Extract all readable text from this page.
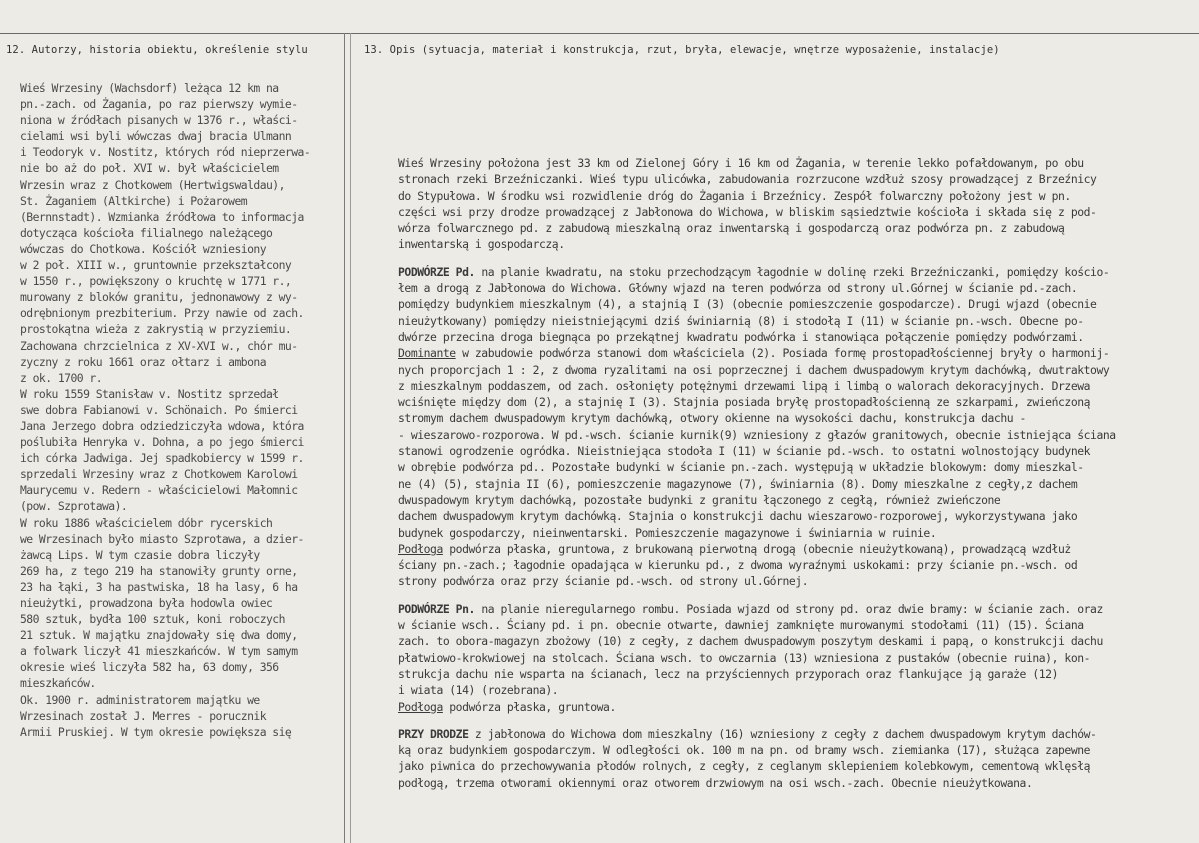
12. Autorzy, historia obiektu, określenie stylu	13. Opis (sytuacja, materiał i konstrukcja, rzut, bryła, elewacje, wnętrze wyposażenie, instalacje)
Wieś Wrzesiny (Wachsdorf) leżąca 12 km na
pn.-zach. od Żagania, po raz pierwszy wymie-
niona w źródłach pisanych w 1376 r., właści-
cielami wsi byli wówczas dwaj bracia Ulmann
i Teodoryk v. Nostitz, których ród nieprzerwa-
nie bo aż do poł. XVI w. był właścicielem
Wrzesin wraz z Chotkowem (Hertwigswaldau),
St. Żaganiem (Altkirche) i Pożarowem
(Bernnstadt). Wzmianka źródłowa to informacja
dotycząca kościoła filialnego należącego
wówczas do Chotkowa. Kościół wzniesiony
w 2 poł. XIII w., gruntownie przekształcony
w 1550 r., powiększony o kruchtę w 1771 r.,
murowany z bloków granitu, jednonawowy z wy-
odrębnionym prezbiterium. Przy nawie od zach.
prostokątna wieża z zakrystią w przyziemiu.
Zachowana chrzcielnica z XV-XVI w., chór mu-
zyczny z roku 1661 oraz ołtarz i ambona
z ok. 1700 r.
W roku 1559 Stanisław v. Nostitz sprzedał
swe dobra Fabianowi v. Schönaich. Po śmierci
Jana Jerzego dobra odziedziczyła wdowa, która
poślubiła Henryka v. Dohna, a po jego śmierci
ich córka Jadwiga. Jej spadkobiercy w 1599 r.
sprzedali Wrzesiny wraz z Chotkowem Karolowi
Maurycemu v. Redern - właścicielowi Małomnic
(pow. Szprotawa).
W roku 1886 właścicielem dóbr rycerskich
we Wrzesinach było miasto Szprotawa, a dzier-
żawcą Lips. W tym czasie dobra liczyły
269 ha, z tego 219 ha stanowiły grunty orne,
23 ha łąki, 3 ha pastwiska, 18 ha lasy, 6 ha
nieużytki, prowadzona była hodowla owiec
580 sztuk, bydła 100 sztuk, koni roboczych
21 sztuk. W majątku znajdowały się dwa domy,
a folwark liczył 41 mieszkańców. W tym samym
okresie wieś liczyła 582 ha, 63 domy, 356
mieszkańców.
Ok. 1900 r. administratorem majątku we
Wrzesinach został J. Merres - porucznik
Armii Pruskiej. W tym okresie powiększa się
Wieś Wrzesiny położona jest 33 km od Zielonej Góry i 16 km od Żagania, w terenie lekko pofałdowanym, po obu
stronach rzeki Brzeźniczanki. Wieś typu ulicówka, zabudowania rozrzucone wzdłuż szosy prowadzącej z Brzeźnicy
do Stypułowa. W środku wsi rozwidlenie dróg do Żagania i Brzeźnicy. Zespół folwarczny położony jest w pn.
części wsi przy drodze prowadzącej z Jabłonowa do Wichowa, w bliskim sąsiedztwie kościoła i składa się z pod-
wórza folwarcznego pd. z zabudową mieszkalną oraz inwentarską i gospodarczą oraz podwórza pn. z zabudową
inwentarską i gospodarczą.
PODWÓRZE Pd. na planie kwadratu, na stoku przechodzącym łagodnie w dolinę rzeki Brzeźniczanki, pomiędzy kościo-
łem a drogą z Jabłonowa do Wichowa. Główny wjazd na teren podwórza od strony ul.Górnej w ścianie pd.-zach.
pomiędzy budynkiem mieszkalnym (4), a stajnią I (3) (obecnie pomieszczenie gospodarcze). Drugi wjazd (obecnie
nieużytkowany) pomiędzy nieistniejącymi dziś świniarnią (8) i stodołą I (11) w ścianie pn.-wsch. Obecne po-
dwórze przecina droga biegnąca po przekątnej kwadratu podwórka i stanowiąca połączenie pomiędzy podwórzami.
Dominante w zabudowie podwórza stanowi dom właściciela (2). Posiada formę prostopadłościennej bryły o harmonij-
nych proporcjach 1 : 2, z dwoma ryzalitami na osi poprzecznej i dachem dwuspadowym krytym dachówką, dwutraktowy
z mieszkalnym poddaszem, od zach. osłonięty potężnymi drzewami lipą i limbą o walorach dekoracyjnych. Drzewa
wciśnięte między dom (2), a stajnię I (3). Stajnia posiada bryłę prostopadłościenną ze szkarpami, zwieńczoną
stromym dachem dwuspadowym krytym dachówką, otwory okienne na wysokości dachu, konstrukcja dachu -
- wieszarowo-rozporowa. W pd.-wsch. ścianie kurnik(9) wzniesiony z głazów granitowych, obecnie istniejąca ściana
stanowi ogrodzenie ogródka. Nieistniejąca stodoła I (11) w ścianie pd.-wsch. to ostatni wolnostojący budynek
w obrębie podwórza pd.. Pozostałe budynki w ścianie pn.-zach. występują w układzie blokowym: domy mieszkal-
ne (4) (5), stajnia II (6), pomieszczenie magazynowe (7), świniarnia (8). Domy mieszkalne z cegły,z dachem
dwuspadowym krytym dachówką, pozostałe budynki z granitu łączonego z cegłą, również zwieńczone
dachem dwuspadowym krytym dachówką. Stajnia o konstrukcji dachu wieszarowo-rozporowej, wykorzystywana jako
budynek gospodarczy, nieinwentarski. Pomieszczenie magazynowe i świniarnia w ruinie.
Podłoga podwórza płaska, gruntowa, z brukowaną pierwotną drogą (obecnie nieużytkowaną), prowadzącą wzdłuż
ściany pn.-zach.; łagodnie opadająca w kierunku pd., z dwoma wyraźnymi uskokami: przy ścianie pn.-wsch. od
strony podwórza oraz przy ścianie pd.-wsch. od strony ul.Górnej.
PODWÓRZE Pn. na planie nieregularnego rombu. Posiada wjazd od strony pd. oraz dwie bramy: w ścianie zach. oraz
w ścianie wsch.. Ściany pd. i pn. obecnie otwarte, dawniej zamknięte murowanymi stodołami (11) (15). Ściana
zach. to obora-magazyn zbożowy (10) z cegły, z dachem dwuspadowym poszytym deskami i papą, o konstrukcji dachu
płatwiowo-krokwiowej na stolcach. Ściana wsch. to owczarnia (13) wzniesiona z pustaków (obecnie ruina), kon-
strukcja dachu nie wsparta na ścianach, lecz na przyściennych przyporach oraz flankujące ją garaże (12)
i wiata (14) (rozebrana).
Podłoga podwórza płaska, gruntowa.
PRZY DRODZE z jabłonowa do Wichowa dom mieszkalny (16) wzniesiony z cegły z dachem dwuspadowym krytym dachów-
ką oraz budynkiem gospodarczym. W odległości ok. 100 m na pn. od bramy wsch. ziemianka (17), służąca zapewne
jako piwnica do przechowywania płodów rolnych, z cegły, z ceglanym sklepieniem kolebkowym, cementową wklęsłą
podłogą, trzema otworami okiennymi oraz otworem drzwiowym na osi wsch.-zach. Obecnie nieużytkowana.
